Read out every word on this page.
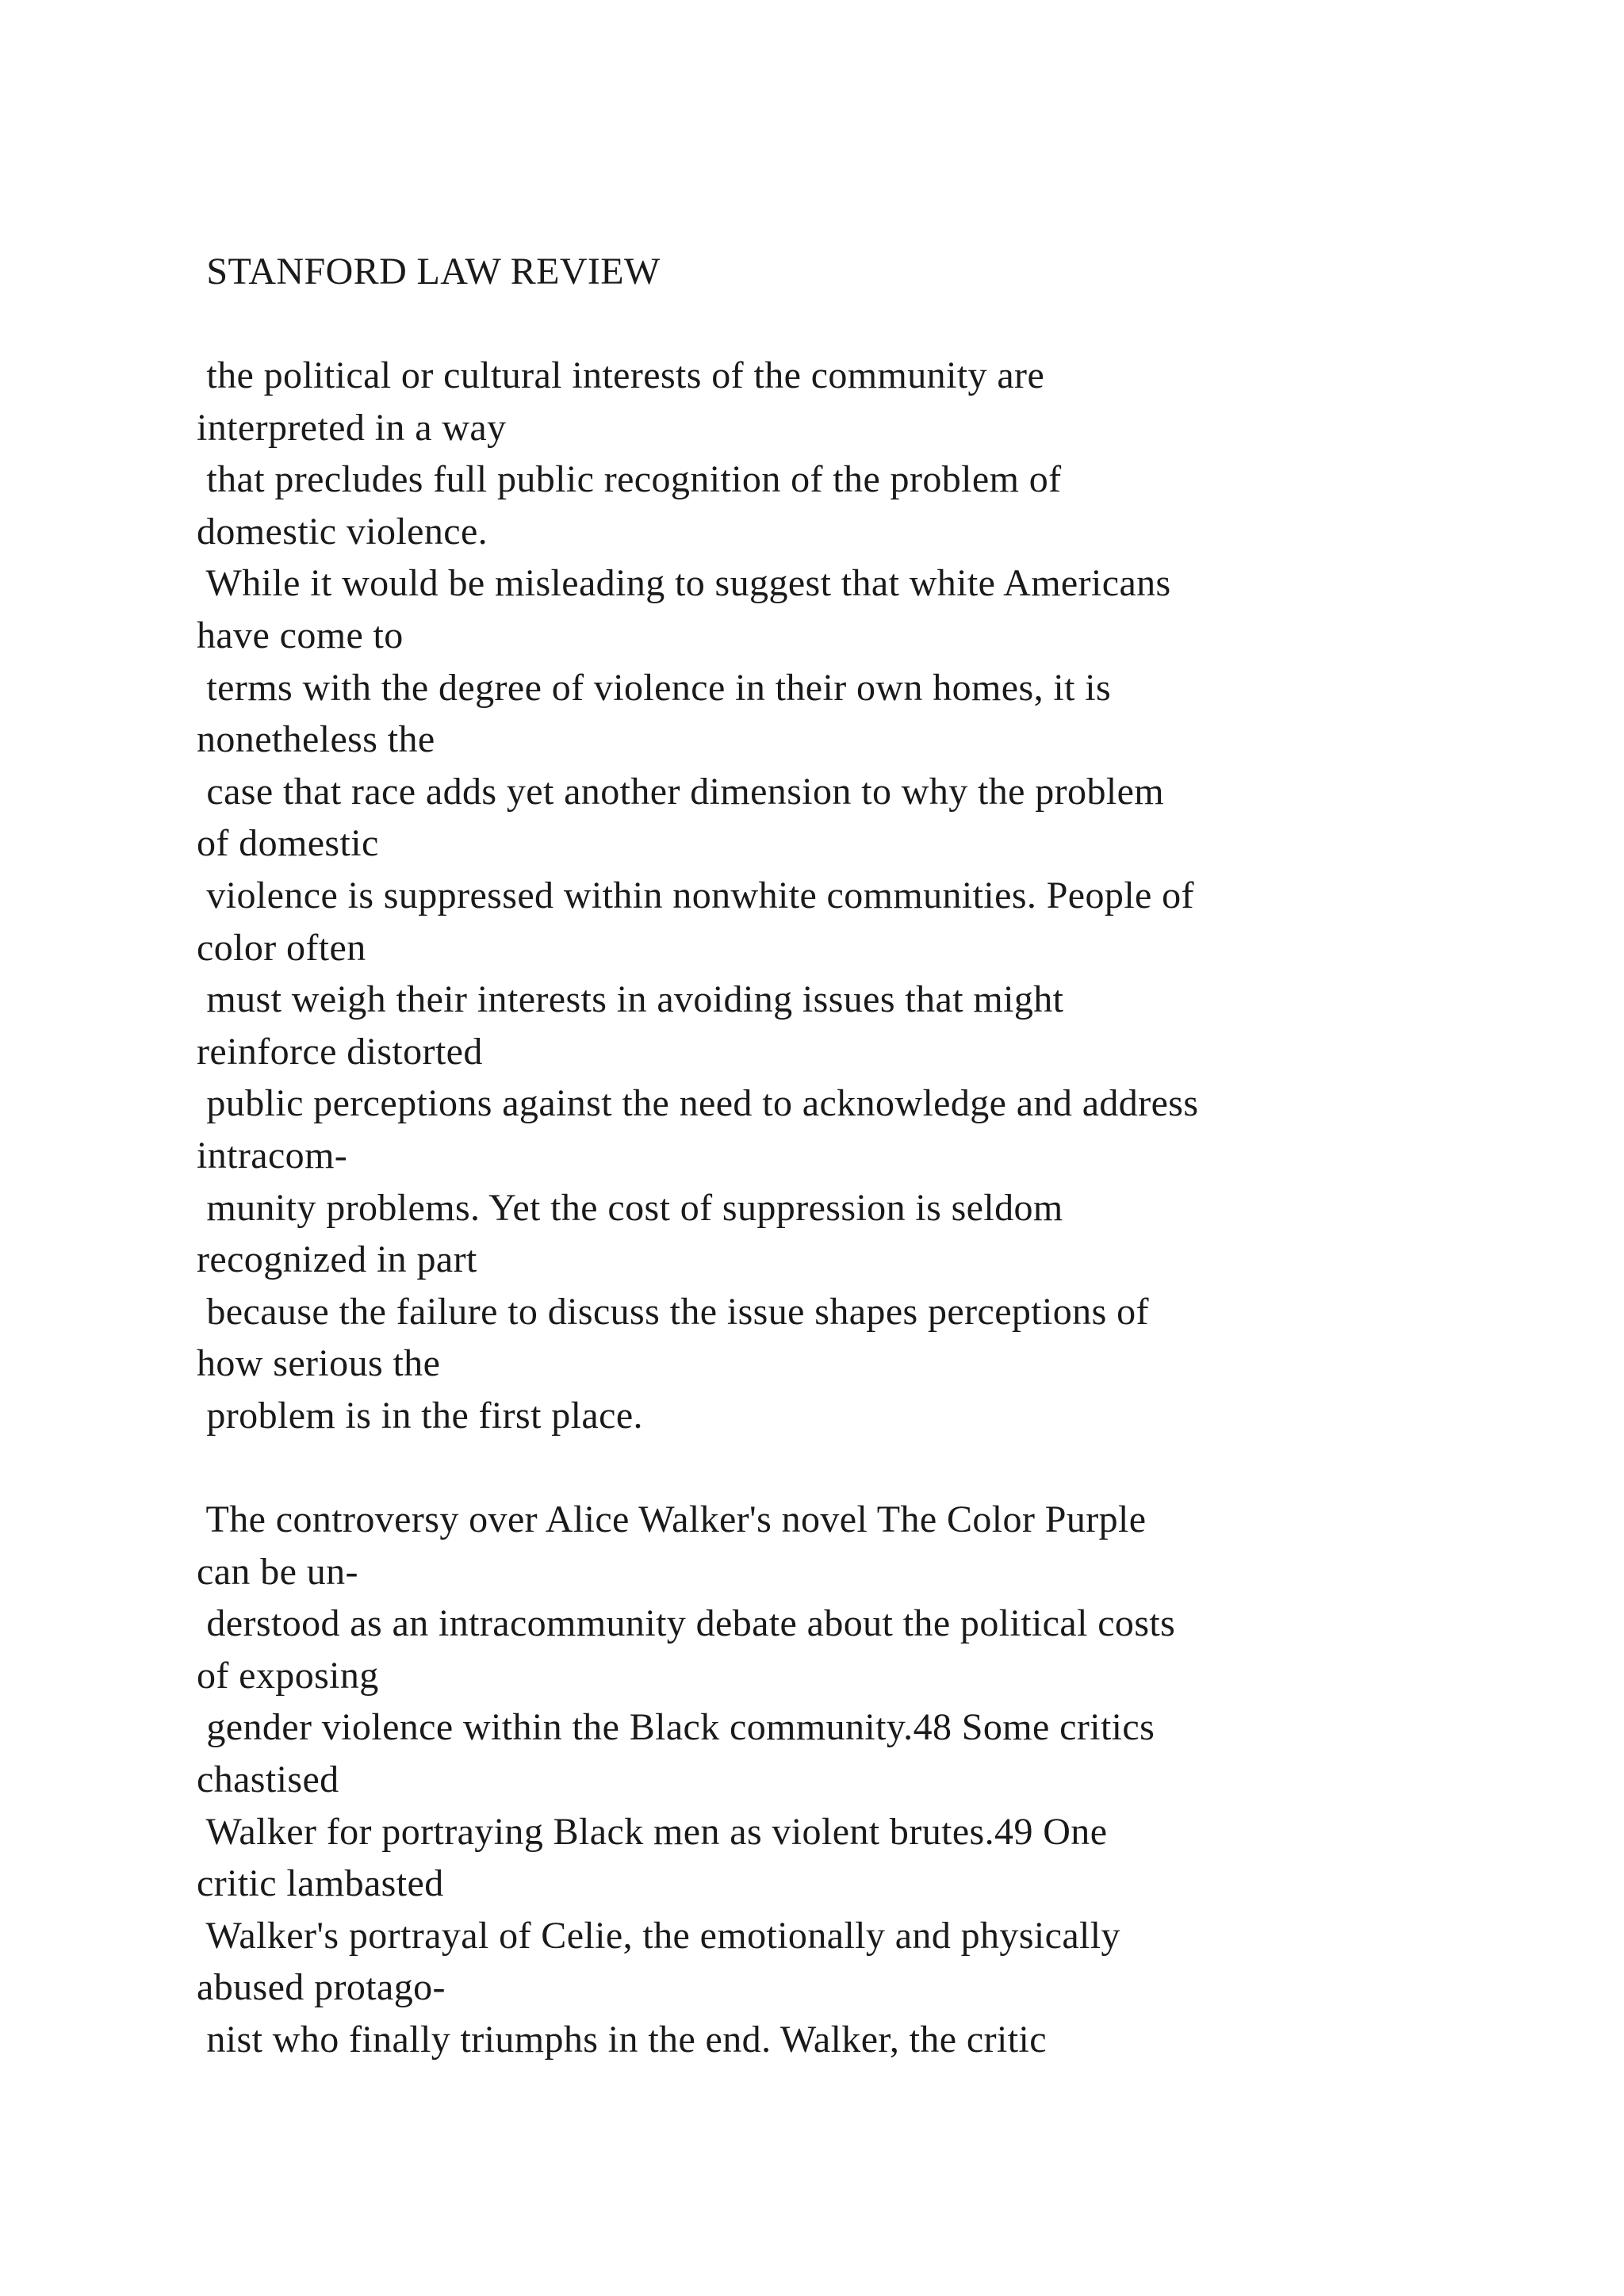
STANFORD LAW REVIEW
the political or cultural interests of the community are
interpreted in a way
that precludes full public recognition of the problem of
domestic violence.
While it would be misleading to suggest that white Americans
have come to
terms with the degree of violence in their own homes, it is
nonetheless the
case that race adds yet another dimension to why the problem
of domestic
violence is suppressed within nonwhite communities. People of
color often
must weigh their interests in avoiding issues that might
reinforce distorted
public perceptions against the need to acknowledge and address
intracom-
munity problems. Yet the cost of suppression is seldom
recognized in part
because the failure to discuss the issue shapes perceptions of
how serious the
problem is in the first place.
The controversy over Alice Walker's novel The Color Purple
can be un-
derstood as an intracommunity debate about the political costs
of exposing
gender violence within the Black community.48 Some critics
chastised
Walker for portraying Black men as violent brutes.49 One
critic lambasted
Walker's portrayal of Celie, the emotionally and physically
abused protago-
nist who finally triumphs in the end. Walker, the critic
